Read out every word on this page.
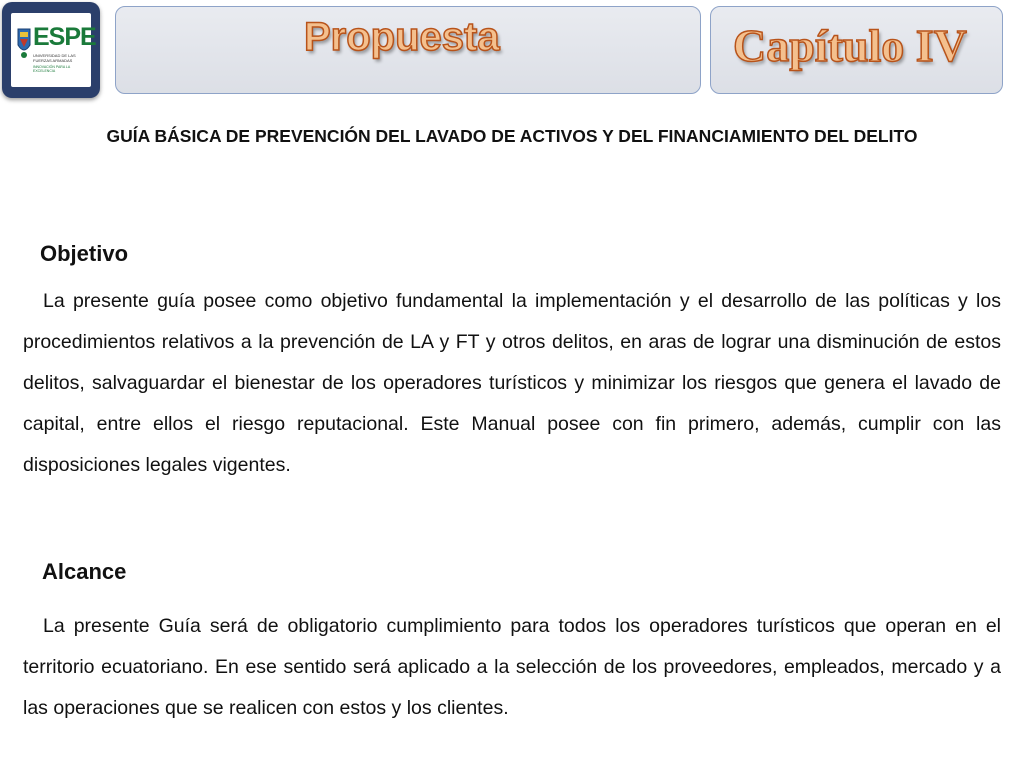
ESPE
UNIVERSIDAD DE LAS FUERZAS ARMADAS
INNOVACIÓN PARA LA EXCELENCIA
Propuesta	Capítulo IV
GUÍA BÁSICA DE PREVENCIÓN DEL LAVADO DE ACTIVOS Y DEL FINANCIAMIENTO DEL DELITO
Objetivo

La presente guía posee como objetivo fundamental la implementación y el desarrollo de las políticas y los procedimientos relativos a la prevención de LA y FT y otros delitos, en aras de lograr una disminución de estos delitos, salvaguardar el bienestar de los operadores turísticos y minimizar los riesgos que genera el lavado de capital, entre ellos el riesgo reputacional. Este Manual posee con fin primero, además, cumplir con las disposiciones legales vigentes.

Alcance

La presente Guía será de obligatorio cumplimiento para todos los operadores turísticos que operan en el territorio ecuatoriano. En ese sentido será aplicado a la selección de los proveedores, empleados, mercado y a las operaciones que se realicen con estos y los clientes.
